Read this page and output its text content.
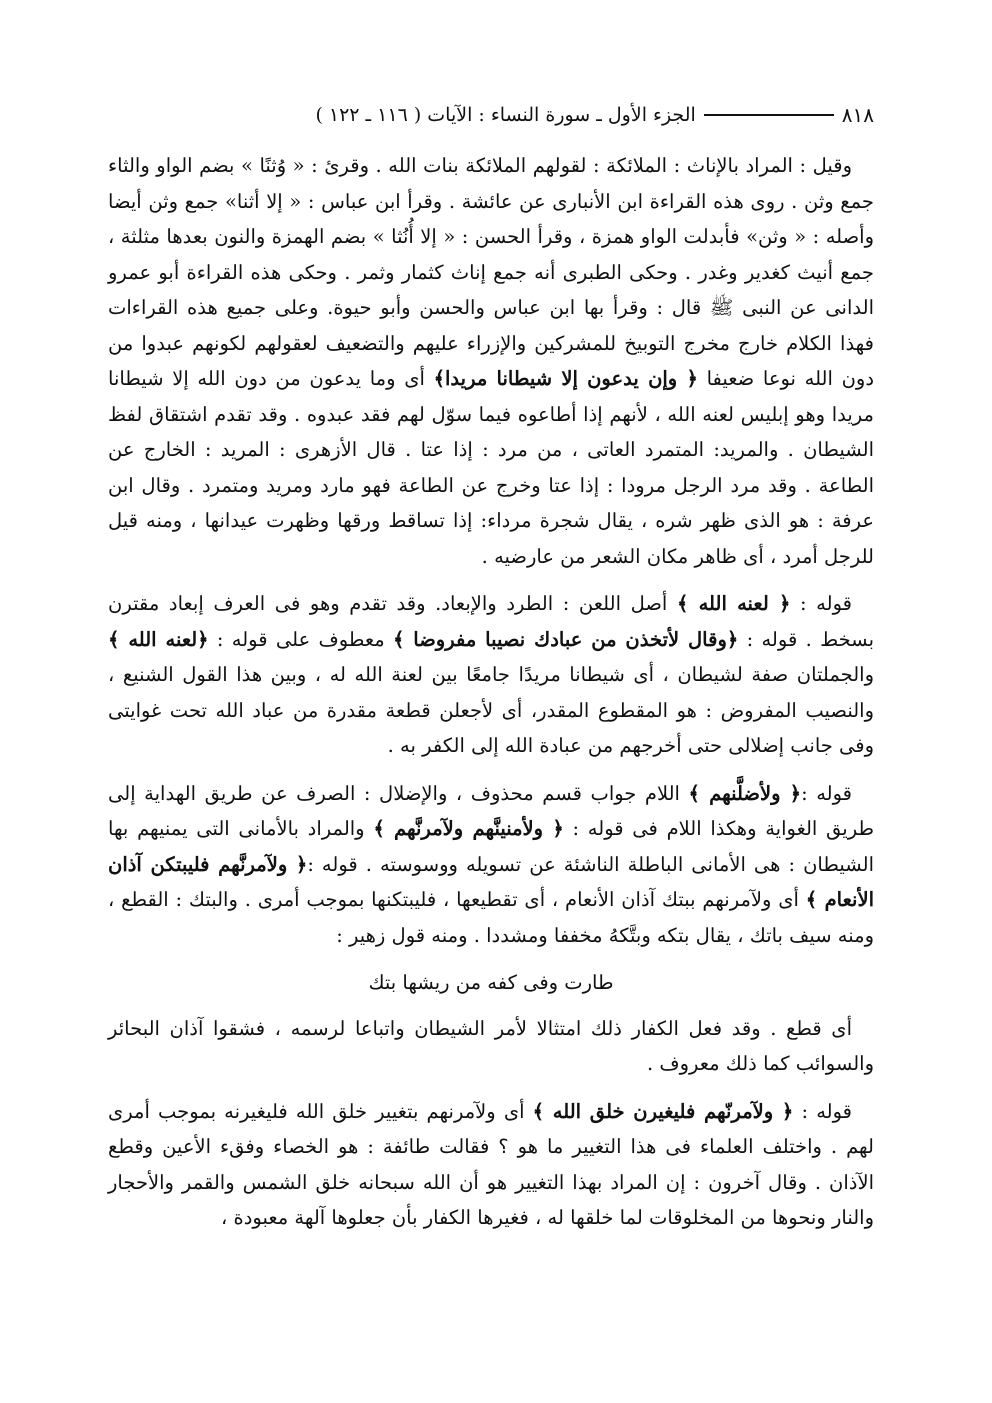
٨١٨
الجزء الأول ـ سورة النساء : الآيات ( ١١٦ ـ ١٢٢ )

وقيل : المراد بالإناث : الملائكة : لقولهم الملائكة بنات الله . وقرئ : « وُثنًا » بضم الواو والثاء جمع وثن . روى هذه القراءة ابن الأنبارى عن عائشة . وقرأ ابن عباس : « إلا أثنا» جمع وثن أيضا وأصله : « وثن» فأبدلت الواو همزة ، وقرأ الحسن : « إلا أُنُثا » بضم الهمزة والنون بعدها مثلثة ، جمع أنيث كغدير وغدر . وحكى الطبرى أنه جمع إناث كثمار وثمر . وحكى هذه القراءة أبو عمرو الدانى عن النبى ﷺ قال : وقرأ بها ابن عباس والحسن وأبو حيوة. وعلى جميع هذه القراءات فهذا الكلام خارج مخرج التوبيخ للمشركين والإزراء عليهم والتضعيف لعقولهم لكونهم عبدوا من دون الله نوعا ضعيفا ﴿ وإن يدعون إلا شيطانا مريدا﴾ أى وما يدعون من دون الله إلا شيطانا مريدا وهو إبليس لعنه الله ، لأنهم إذا أطاعوه فيما سوّل لهم فقد عبدوه . وقد تقدم اشتقاق لفظ الشيطان . والمريد: المتمرد العاتى ، من مرد : إذا عتا . قال الأزهرى : المريد : الخارج عن الطاعة . وقد مرد الرجل مرودا : إذا عتا وخرج عن الطاعة فهو مارد ومريد ومتمرد . وقال ابن عرفة : هو الذى ظهر شره ، يقال شجرة مرداء: إذا تساقط ورقها وظهرت عيدانها ، ومنه قيل للرجل أمرد ، أى ظاهر مكان الشعر من عارضيه .

قوله : ﴿ لعنه الله ﴾ أصل اللعن : الطرد والإبعاد. وقد تقدم وهو فى العرف إبعاد مقترن بسخط . قوله : ﴿وقال لأتخذن من عبادك نصيبا مفروضا ﴾ معطوف على قوله : ﴿لعنه الله ﴾ والجملتان صفة لشيطان ، أى شيطانا مريدًا جامعًا بين لعنة الله له ، وبين هذا القول الشنيع ، والنصيب المفروض : هو المقطوع المقدر، أى لأجعلن قطعة مقدرة من عباد الله تحت غوايتى وفى جانب إضلالى حتى أخرجهم من عبادة الله إلى الكفر به .

قوله :﴿ ولأضلَّنهم ﴾ اللام جواب قسم محذوف ، والإضلال : الصرف عن طريق الهداية إلى طريق الغواية وهكذا اللام فى قوله : ﴿ ولأمنينَّهم ولآمرنَّهم ﴾ والمراد بالأمانى التى يمنيهم بها الشيطان : هى الأمانى الباطلة الناشئة عن تسويله ووسوسته . قوله :﴿ ولآمرنَّهم فليبتكن آذان الأنعام ﴾ أى ولآمرنهم ببتك آذان الأنعام ، أى تقطيعها ، فليبتكنها بموجب أمرى . والبتك : القطع ، ومنه سيف باتك ، يقال بتكه وبتَّكهُ مخففا ومشددا . ومنه قول زهير :

طارت وفى كفه من ريشها بتك

أى قطع . وقد فعل الكفار ذلك امتثالا لأمر الشيطان واتباعا لرسمه ، فشقوا آذان البحائر والسوائب كما ذلك معروف .

قوله : ﴿ ولآمرنّهم فليغيرن خلق الله ﴾ أى ولآمرنهم بتغيير خلق الله فليغيرنه بموجب أمرى لهم . واختلف العلماء فى هذا التغيير ما هو ؟ فقالت طائفة : هو الخصاء وفقء الأعين وقطع الآذان . وقال آخرون : إن المراد بهذا التغيير هو أن الله سبحانه خلق الشمس والقمر والأحجار والنار ونحوها من المخلوقات لما خلقها له ، فغيرها الكفار بأن جعلوها آلهة معبودة ،
